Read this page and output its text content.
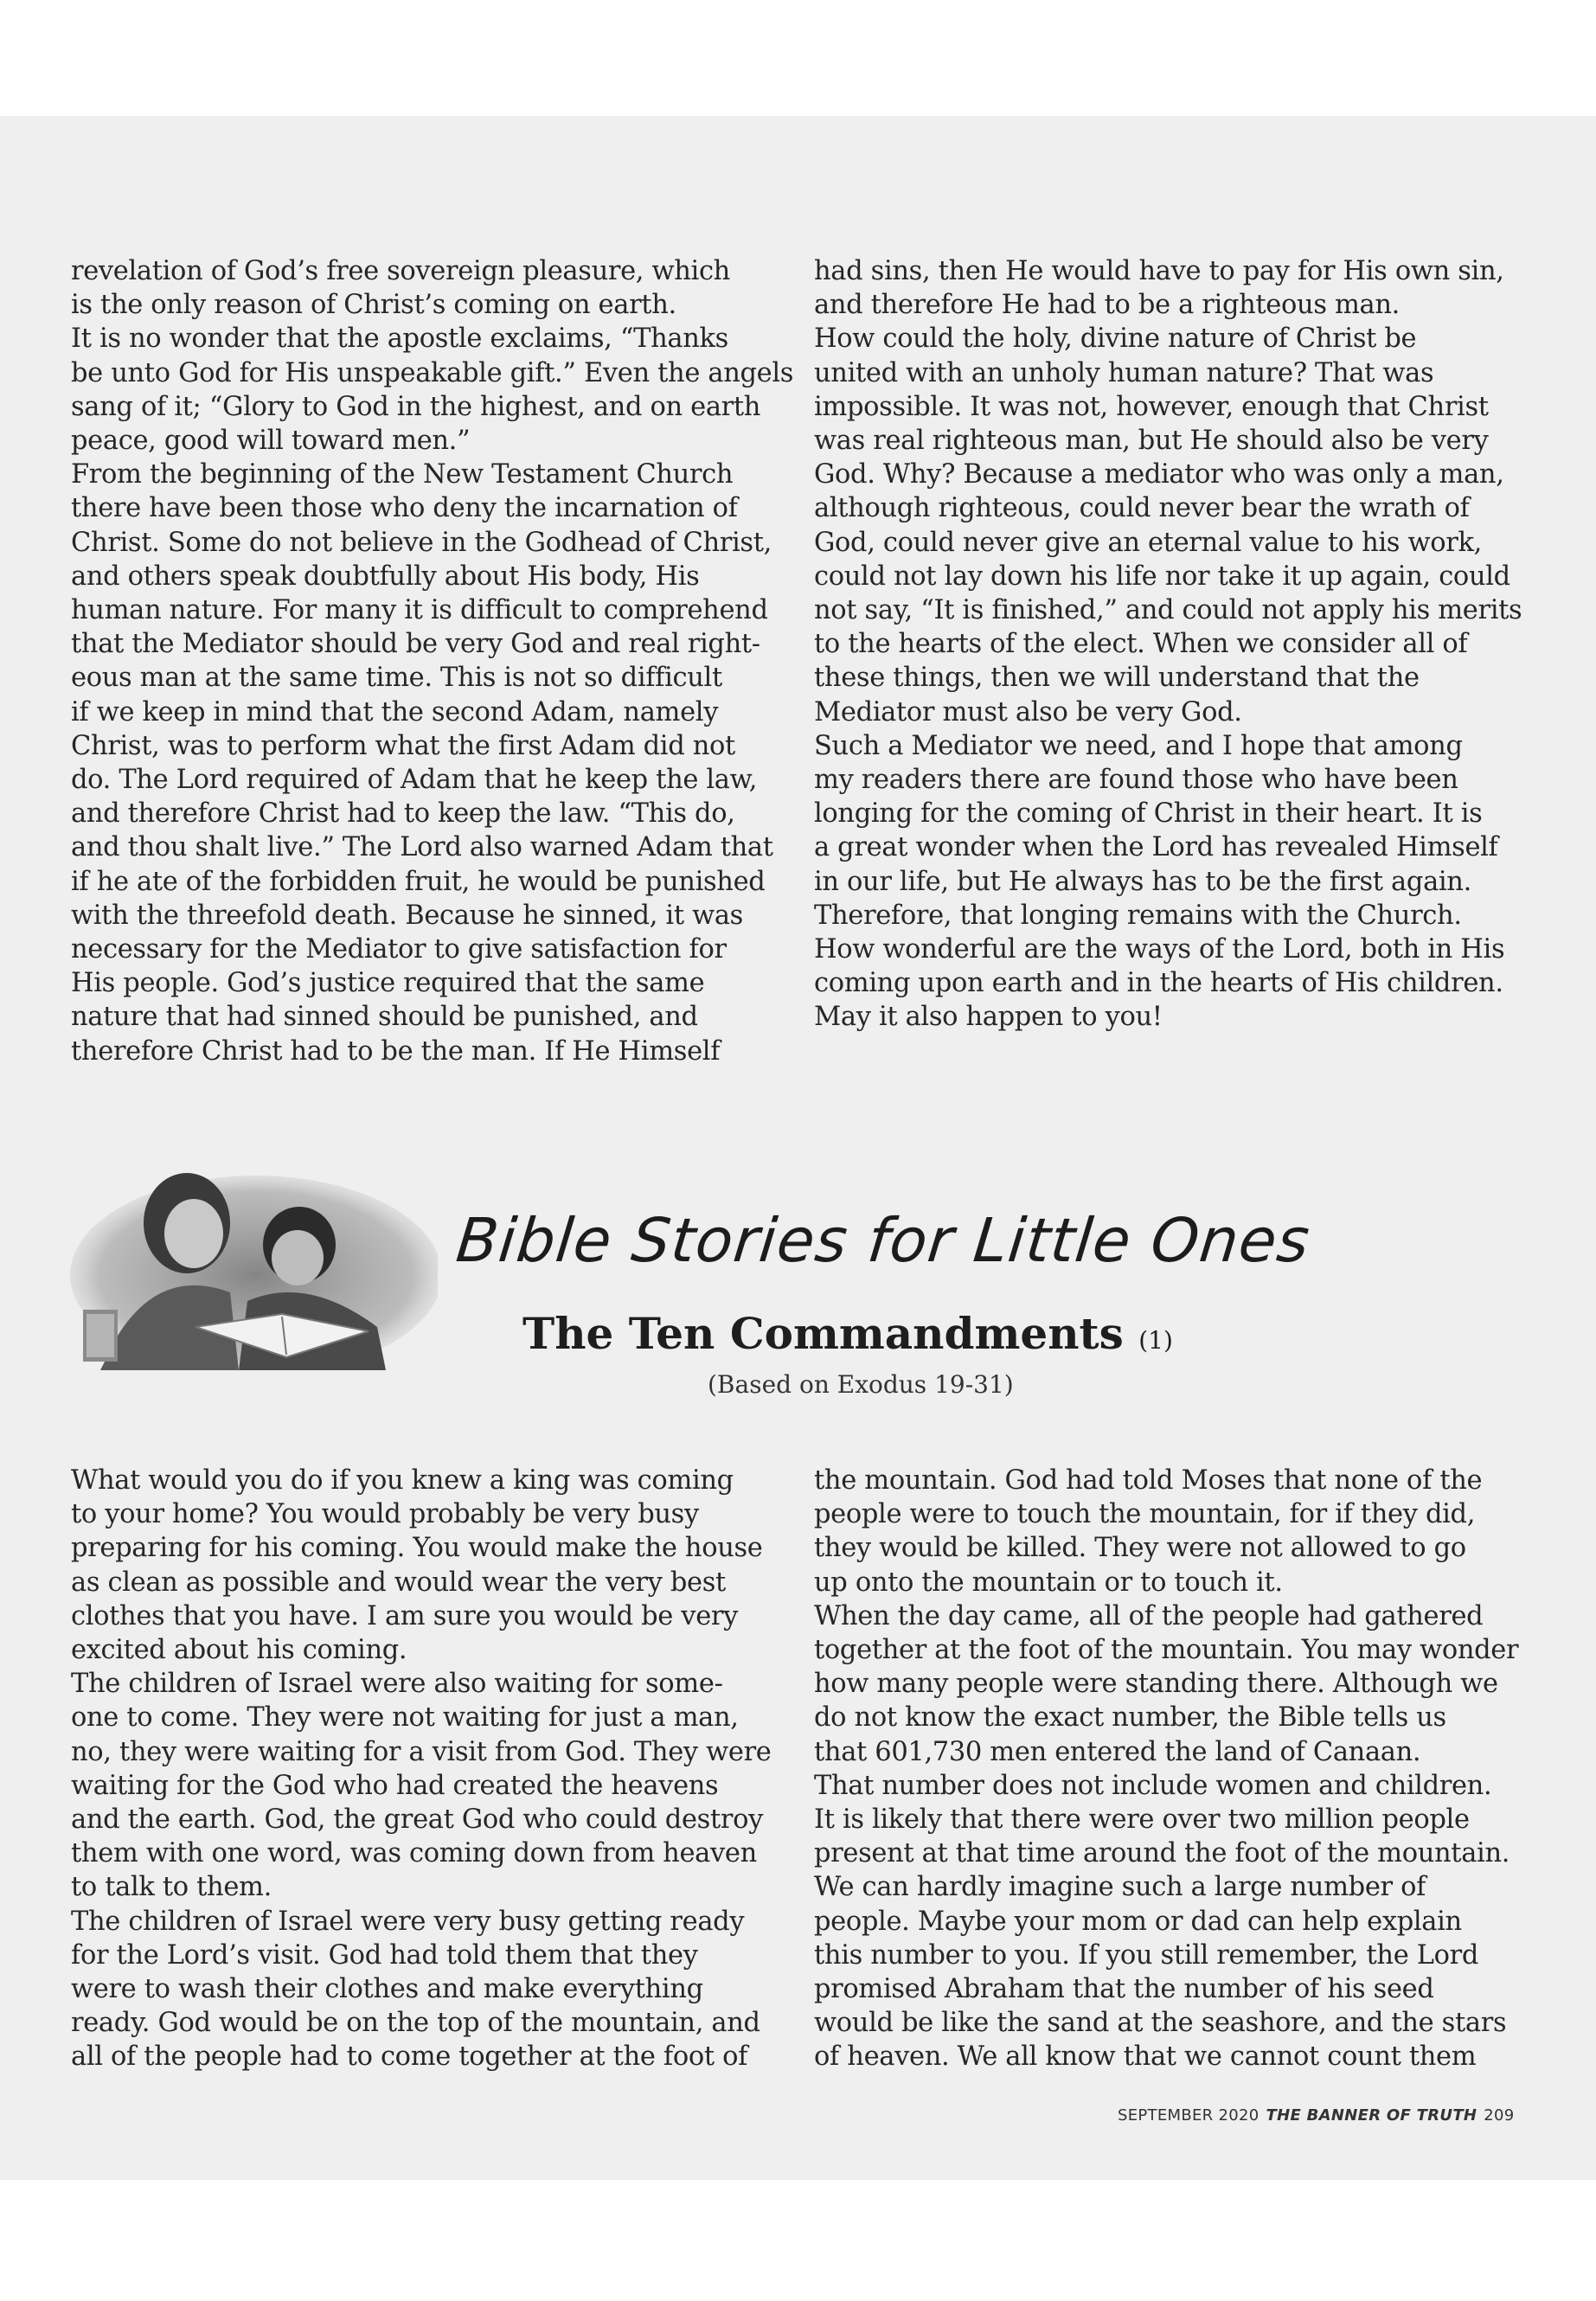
revelation of God’s free sovereign pleasure, which
is the only reason of Christ’s coming on earth.

It is no wonder that the apostle exclaims, “Thanks
be unto God for His unspeakable gift.” Even the angels
sang of it; “Glory to God in the highest, and on earth
peace, good will toward men.”

From the beginning of the New Testament Church
there have been those who deny the incarnation of
Christ. Some do not believe in the Godhead of Christ,
and others speak doubtfully about His body, His
human nature. For many it is difficult to comprehend
that the Mediator should be very God and real right-
eous man at the same time. This is not so difficult
if we keep in mind that the second Adam, namely
Christ, was to perform what the first Adam did not
do. The Lord required of Adam that he keep the law,
and therefore Christ had to keep the law. “This do,
and thou shalt live.” The Lord also warned Adam that
if he ate of the forbidden fruit, he would be punished
with the threefold death. Because he sinned, it was
necessary for the Mediator to give satisfaction for
His people. God’s justice required that the same
nature that had sinned should be punished, and
therefore Christ had to be the man. If He Himself

had sins, then He would have to pay for His own sin,
and therefore He had to be a righteous man.

How could the holy, divine nature of Christ be
united with an unholy human nature? That was
impossible. It was not, however, enough that Christ
was real righteous man, but He should also be very
God. Why? Because a mediator who was only a man,
although righteous, could never bear the wrath of
God, could never give an eternal value to his work,
could not lay down his life nor take it up again, could
not say, “It is finished,” and could not apply his merits
to the hearts of the elect. When we consider all of
these things, then we will understand that the
Mediator must also be very God.

Such a Mediator we need, and I hope that among
my readers there are found those who have been
longing for the coming of Christ in their heart. It is
a great wonder when the Lord has revealed Himself
in our life, but He always has to be the first again.
Therefore, that longing remains with the Church.
How wonderful are the ways of the Lord, both in His
coming upon earth and in the hearts of His children.
May it also happen to you!

Bible Stories for Little Ones
The Ten Commandments (1)
(Based on Exodus 19-31)

What would you do if you knew a king was coming
to your home? You would probably be very busy
preparing for his coming. You would make the house
as clean as possible and would wear the very best
clothes that you have. I am sure you would be very
excited about his coming.

The children of Israel were also waiting for some-
one to come. They were not waiting for just a man,
no, they were waiting for a visit from God. They were
waiting for the God who had created the heavens
and the earth. God, the great God who could destroy
them with one word, was coming down from heaven
to talk to them.

The children of Israel were very busy getting ready
for the Lord’s visit. God had told them that they
were to wash their clothes and make everything
ready. God would be on the top of the mountain, and
all of the people had to come together at the foot of

the mountain. God had told Moses that none of the
people were to touch the mountain, for if they did,
they would be killed. They were not allowed to go
up onto the mountain or to touch it.

When the day came, all of the people had gathered
together at the foot of the mountain. You may wonder
how many people were standing there. Although we
do not know the exact number, the Bible tells us
that 601,730 men entered the land of Canaan.
That number does not include women and children.
It is likely that there were over two million people
present at that time around the foot of the mountain.
We can hardly imagine such a large number of
people. Maybe your mom or dad can help explain
this number to you. If you still remember, the Lord
promised Abraham that the number of his seed
would be like the sand at the seashore, and the stars
of heaven. We all know that we cannot count them

SEPTEMBER 2020 THE BANNER OF TRUTH 209
